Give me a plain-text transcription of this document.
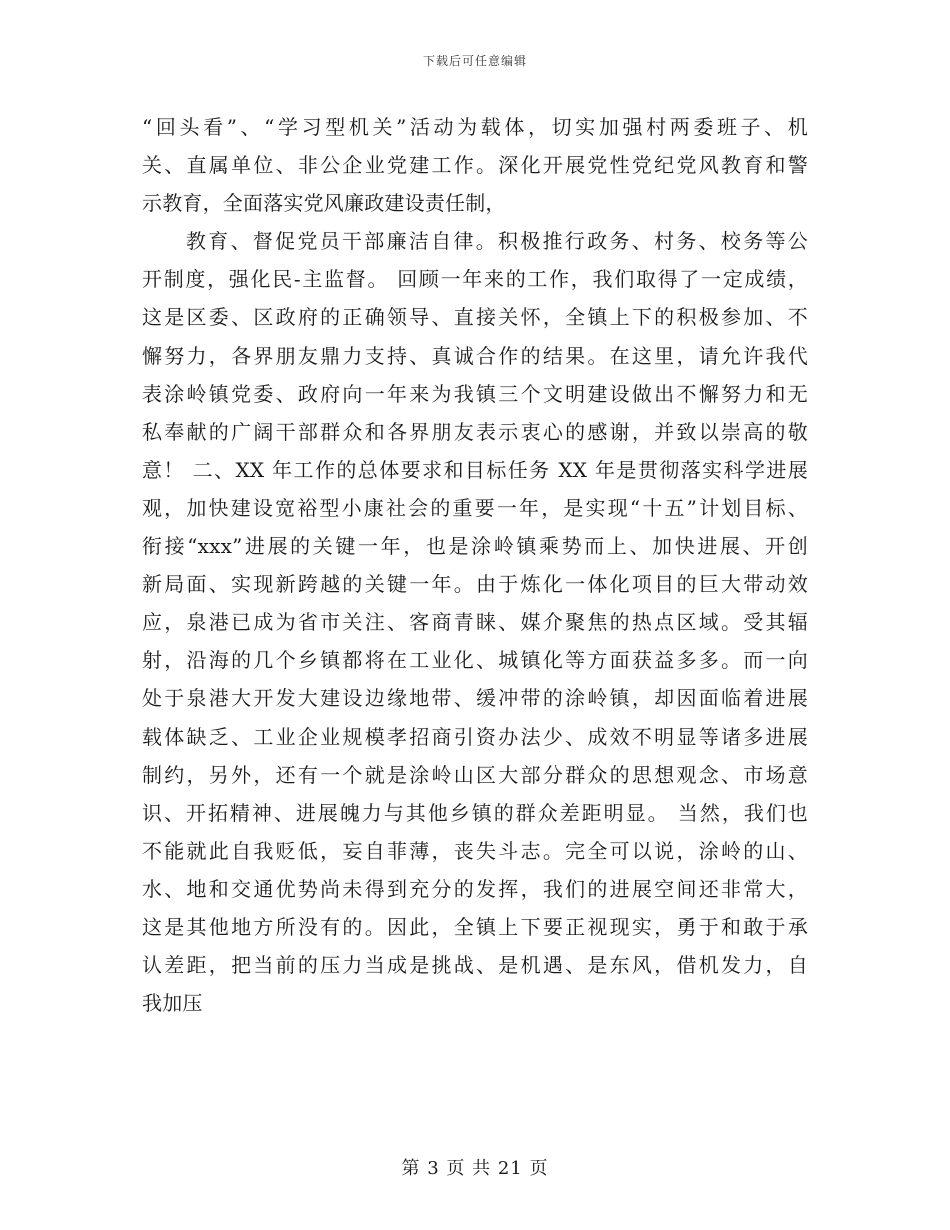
下载后可任意编辑
“回头看”、“学习型机关”活动为载体，切实加强村两委班子、机
关、直属单位、非公企业党建工作。深化开展党性党纪党风教育和警
示教育，全面落实党风廉政建设责任制，
教育、督促党员干部廉洁自律。积极推行政务、村务、校务等公
开制度，强化民-主监督。 回顾一年来的工作，我们取得了一定成绩，
这是区委、区政府的正确领导、直接关怀，全镇上下的积极参加、不
懈努力，各界朋友鼎力支持、真诚合作的结果。在这里，请允许我代
表涂岭镇党委、政府向一年来为我镇三个文明建设做出不懈努力和无
私奉献的广阔干部群众和各界朋友表示衷心的感谢，并致以崇高的敬
意！ 二、XX 年工作的总体要求和目标任务 XX 年是贯彻落实科学进展
观，加快建设宽裕型小康社会的重要一年，是实现“十五”计划目标、
衔接“xxx”进展的关键一年，也是涂岭镇乘势而上、加快进展、开创
新局面、实现新跨越的关键一年。由于炼化一体化项目的巨大带动效
应，泉港已成为省市关注、客商青睐、媒介聚焦的热点区域。受其辐
射，沿海的几个乡镇都将在工业化、城镇化等方面获益多多。而一向
处于泉港大开发大建设边缘地带、缓冲带的涂岭镇，却因面临着进展
载体缺乏、工业企业规模孝招商引资办法少、成效不明显等诸多进展
制约，另外，还有一个就是涂岭山区大部分群众的思想观念、市场意
识、开拓精神、进展魄力与其他乡镇的群众差距明显。 当然，我们也
不能就此自我贬低，妄自菲薄，丧失斗志。完全可以说，涂岭的山、
水、地和交通优势尚未得到充分的发挥，我们的进展空间还非常大，
这是其他地方所没有的。因此，全镇上下要正视现实，勇于和敢于承
认差距，把当前的压力当成是挑战、是机遇、是东风，借机发力，自
我加压
第 3 页 共 21 页
